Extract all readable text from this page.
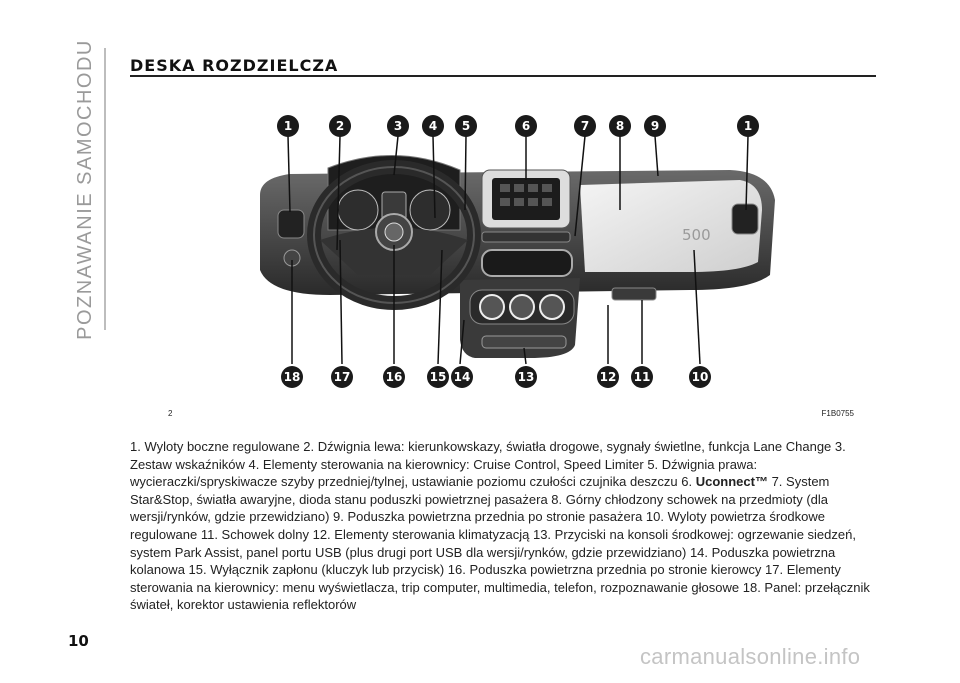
POZNAWANIE SAMOCHODU DESKA ROZDZIELCZA
500
1	2	3 4 5	6	7 8 9	1
18	17	16 15 14	13	12 11	10
2	F1B0755
1. Wyloty boczne regulowane 2. Dźwignia lewa: kierunkowskazy, światła drogowe, sygnały świetlne, funkcja Lane Change 3. Zestaw wskaźników 4. Elementy sterowania na kierownicy: Cruise Control, Speed Limiter 5. Dźwignia prawa: wycieraczki/spryskiwacze szyby przedniej/tylnej, ustawianie poziomu czułości czujnika deszczu 6. Uconnect™ 7. System Star&Stop, światła awaryjne, dioda stanu poduszki powietrznej pasażera 8. Górny chłodzony schowek na przedmioty (dla wersji/rynków, gdzie przewidziano) 9. Poduszka powietrzna przednia po stronie pasażera 10. Wyloty powietrza środkowe regulowane 11. Schowek dolny 12. Elementy sterowania klimatyzacją 13. Przyciski na konsoli środkowej: ogrzewanie siedzeń, system Park Assist, panel portu USB (plus drugi port USB dla wersji/rynków, gdzie przewidziano) 14. Poduszka powietrzna kolanowa 15. Wyłącznik zapłonu (kluczyk lub przycisk) 16. Poduszka powietrzna przednia po stronie kierowcy 17. Elementy sterowania na kierownicy: menu wyświetlacza, trip computer, multimedia, telefon, rozpoznawanie głosowe 18. Panel: przełącznik świateł, korektor ustawienia reflektorów
10
carmanualsonline.info
